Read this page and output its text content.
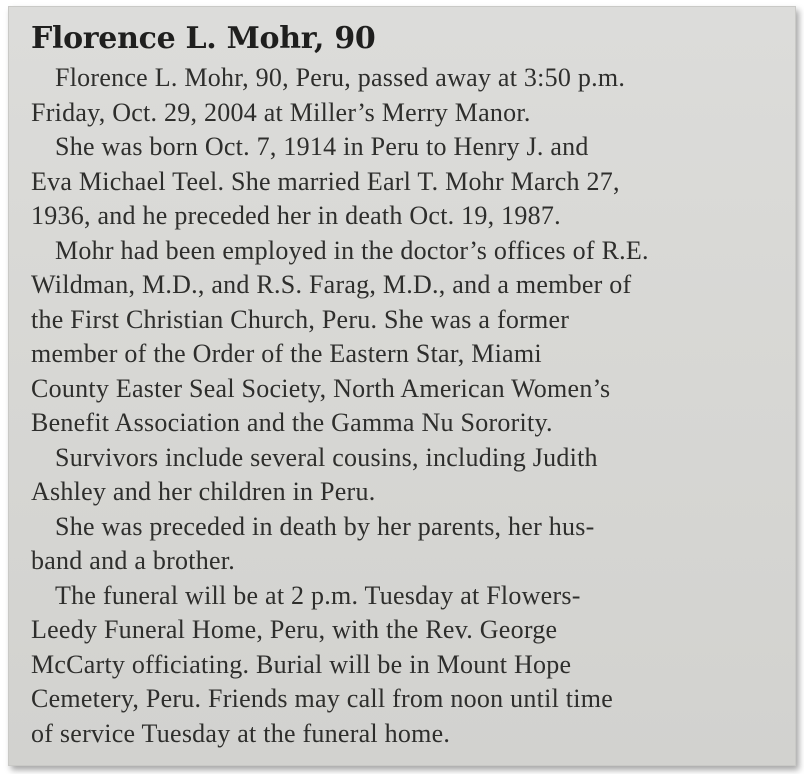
Florence L. Mohr, 90

Florence L. Mohr, 90, Peru, passed away at 3:50 p.m.
Friday, Oct. 29, 2004 at Miller’s Merry Manor.

She was born Oct. 7, 1914 in Peru to Henry J. and
Eva Michael Teel. She married Earl T. Mohr March 27,
1936, and he preceded her in death Oct. 19, 1987.

Mohr had been employed in the doctor’s offices of R.E.
Wildman, M.D., and R.S. Farag, M.D., and a member of
the First Christian Church, Peru. She was a former
member of the Order of the Eastern Star, Miami
County Easter Seal Society, North American Women’s
Benefit Association and the Gamma Nu Sorority.

Survivors include several cousins, including Judith
Ashley and her children in Peru.

She was preceded in death by her parents, her hus-
band and a brother.

The funeral will be at 2 p.m. Tuesday at Flowers-
Leedy Funeral Home, Peru, with the Rev. George
McCarty officiating. Burial will be in Mount Hope
Cemetery, Peru. Friends may call from noon until time
of service Tuesday at the funeral home.
